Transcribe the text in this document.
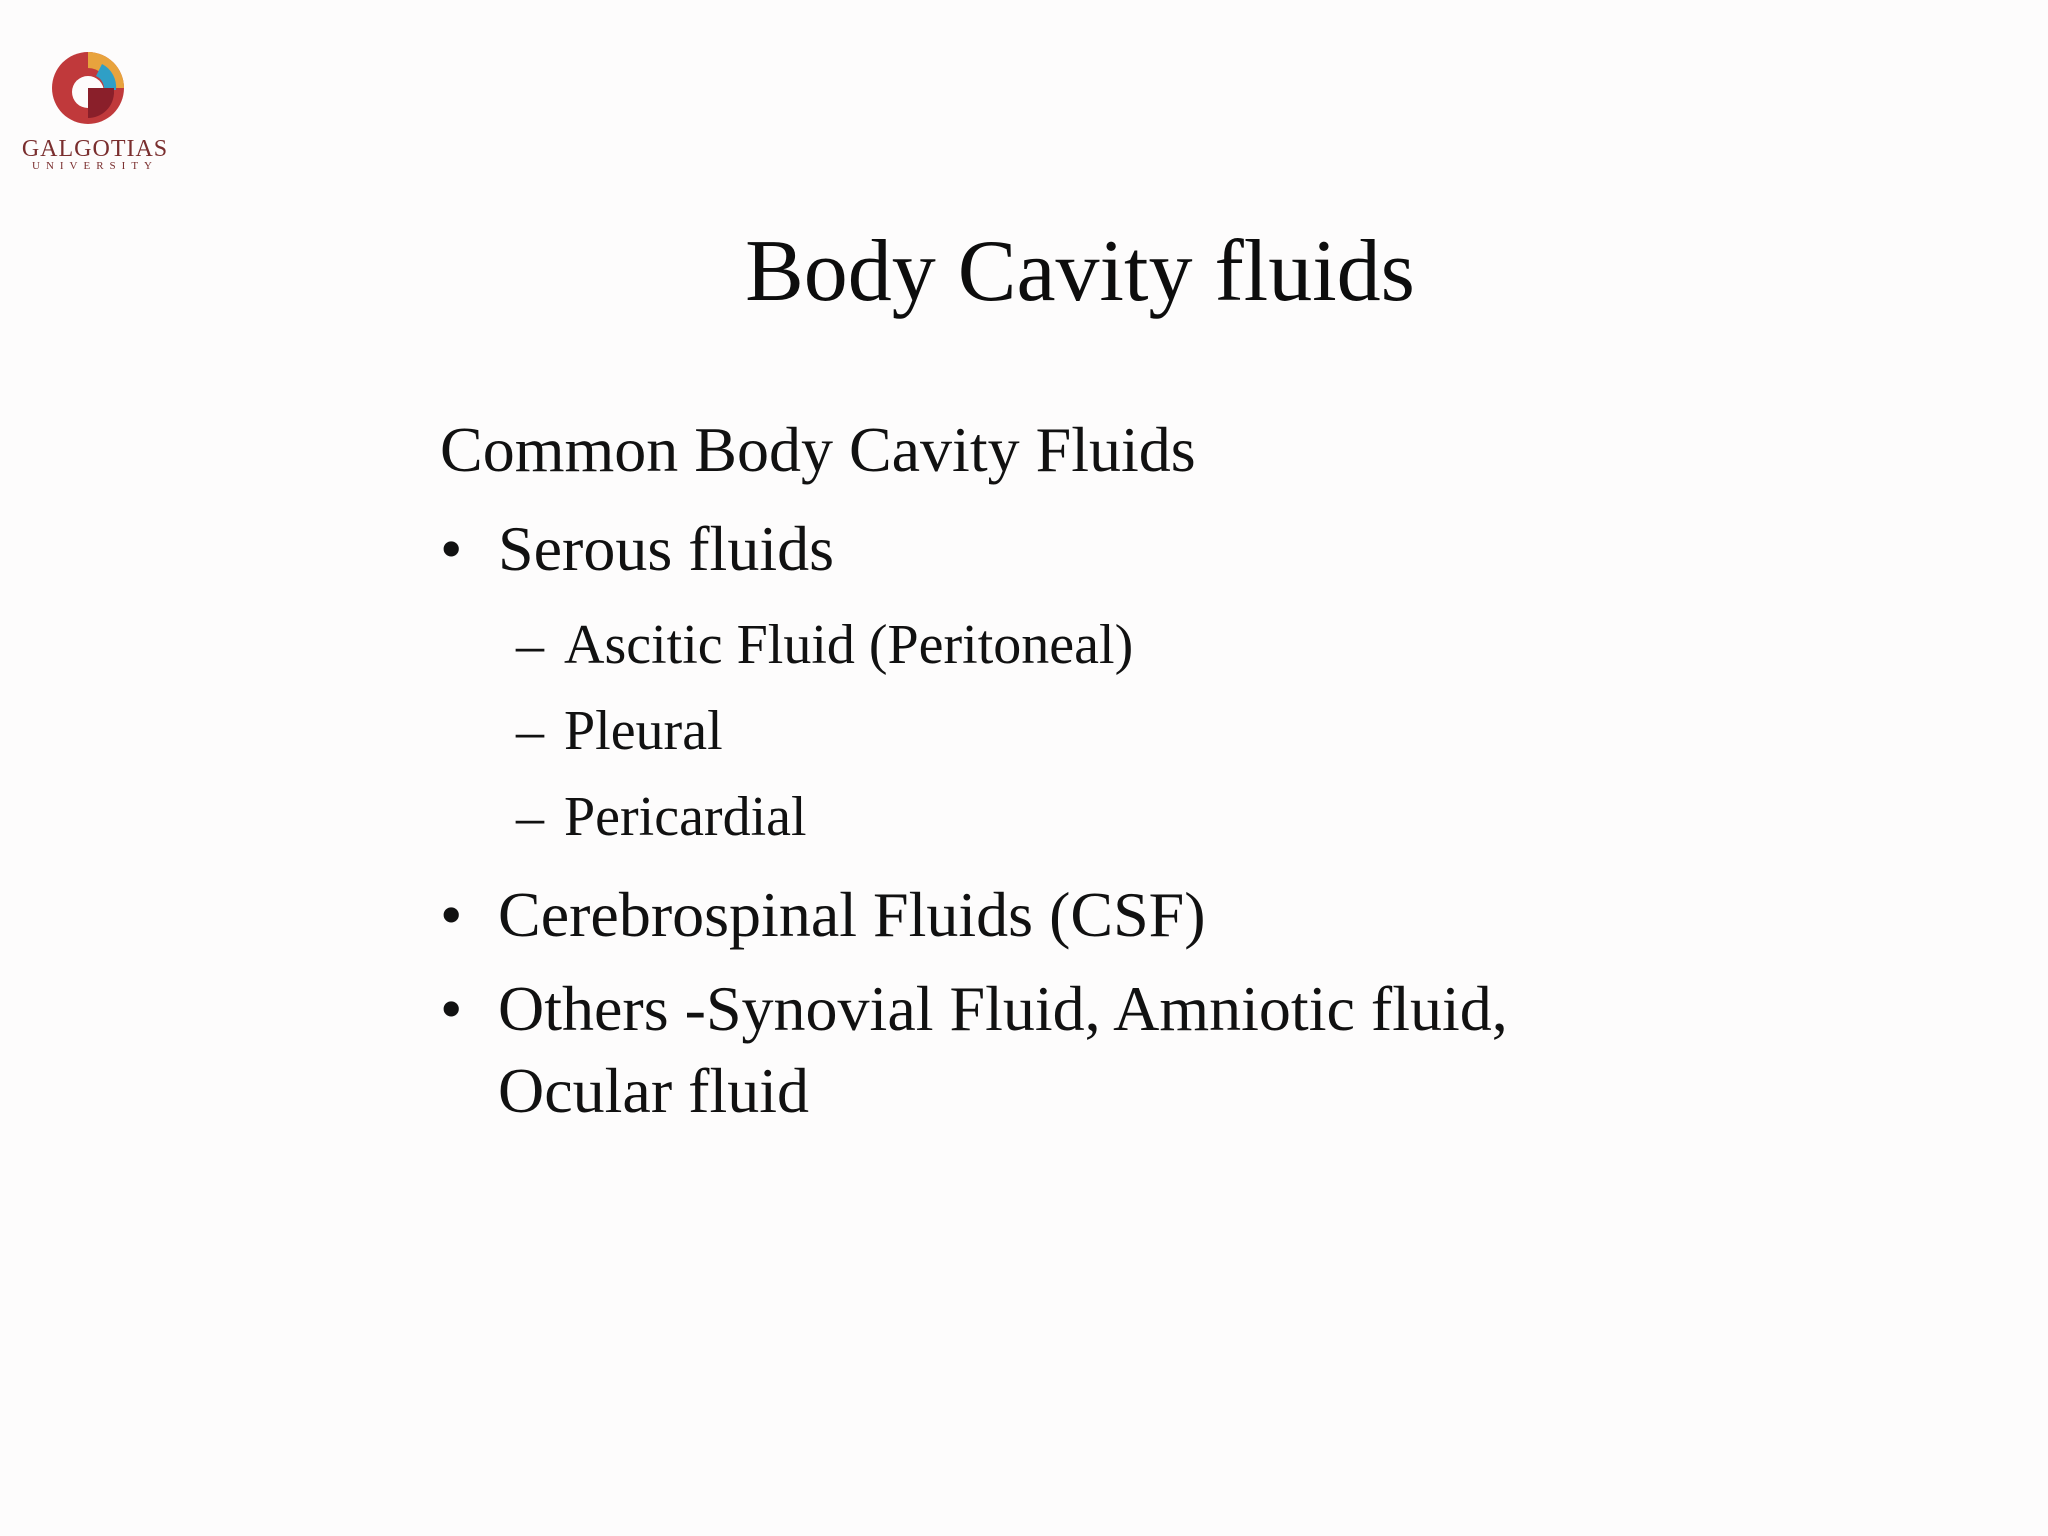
GALGOTIAS
UNIVERSITY
Body Cavity fluids
Common Body Cavity Fluids
• Serous fluids
– Ascitic Fluid (Peritoneal)
– Pleural
– Pericardial
• Cerebrospinal Fluids (CSF)
• Others -Synovial Fluid, Amniotic fluid,
Ocular fluid
